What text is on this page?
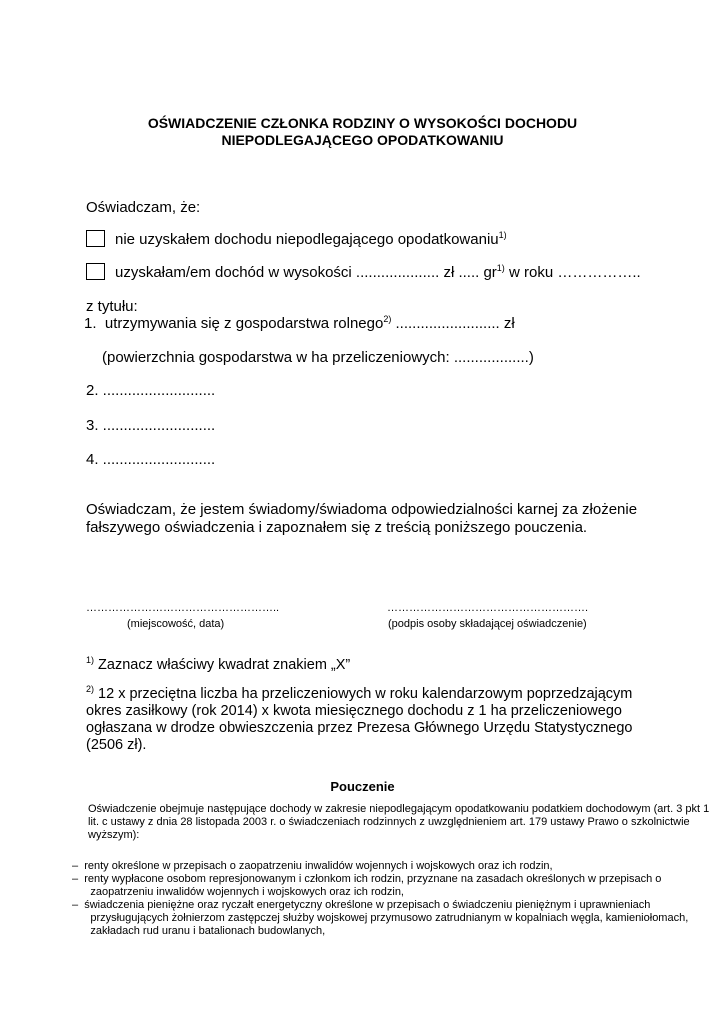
OŚWIADCZENIE CZŁONKA RODZINY O WYSOKOŚCI DOCHODU
NIEPODLEGAJĄCEGO OPODATKOWANIU
Oświadczam, że:
nie uzyskałem dochodu niepodlegającego opodatkowaniu$^{1)}$
uzyskałam/em dochód w wysokości .................... zł ..... $gr^{1)}$ w roku ……………..
z tytułu:
1. utrzymywania się z gospodarstwa rolnego$^{2)}$ ......................... zł
(powierzchnia gospodarstwa w ha przeliczeniowych: ..................)
2. ...........................
3. ...........................
4. ...........................
Oświadczam, że jestem świadomy/świadoma odpowiedzialności karnej za złożenie
fałszywego oświadczenia i zapoznałem się z treścią poniższego pouczenia.
……………………………………………..
(miejscowość, data)
……………………………………………….
(podpis osoby składającej oświadczenie)
$^{1)}$ Zaznacz właściwy kwadrat znakiem „X”
$^{2)}$ 12 x przeciętna liczba ha przeliczeniowych w roku kalendarzowym poprzedzającym
okres zasiłkowy (rok 2014) x kwota miesięcznego dochodu z 1 ha przeliczeniowego
ogłaszana w drodze obwieszczenia przez Prezesa Głównego Urzędu Statystycznego
(2506 zł).
Pouczenie
Oświadczenie obejmuje następujące dochody w zakresie niepodlegającym opodatkowaniu podatkiem dochodowym (art. 3 pkt 1
lit. c ustawy z dnia 28 listopada 2003 r. o świadczeniach rodzinnych z uwzględnieniem art. 179 ustawy Prawo o szkolnictwie
wyższym):
–  renty określone w przepisach o zaopatrzeniu inwalidów wojennych i wojskowych oraz ich rodzin,
–  renty wypłacone osobom represjonowanym i członkom ich rodzin, przyznane na zasadach określonych w przepisach o
zaopatrzeniu inwalidów wojennych i wojskowych oraz ich rodzin,
–  świadczenia pieniężne oraz ryczałt energetyczny określone w przepisach o świadczeniu pieniężnym i uprawnieniach
przysługujących żołnierzom zastępczej służby wojskowej przymusowo zatrudnianym w kopalniach węgla, kamieniołomach,
zakładach rud uranu i batalionach budowlanych,
